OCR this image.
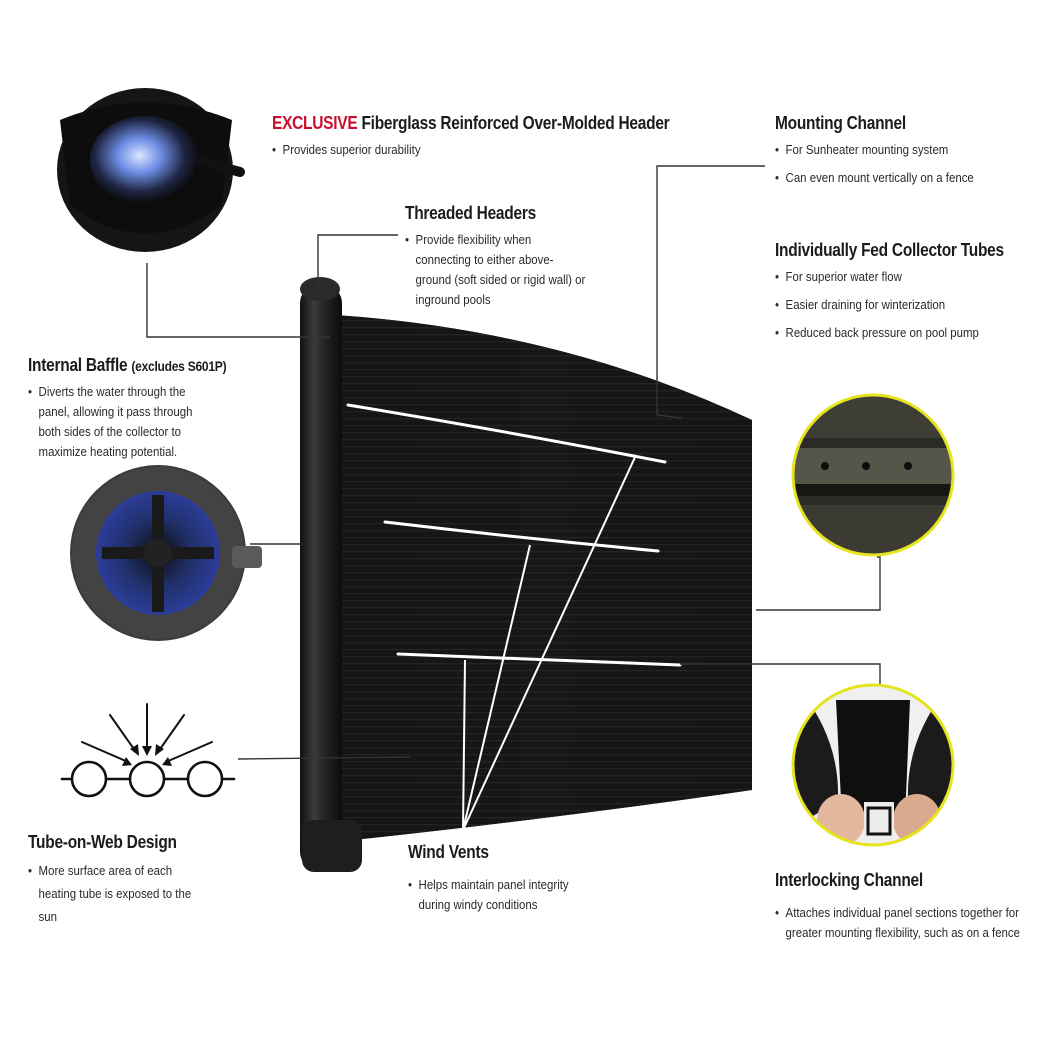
EXCLUSIVE Fiberglass Reinforced Over-Molded Header
• Provides superior durability
Mounting Channel
• For Sunheater mounting system
• Can even mount vertically on a fence
Threaded Headers
• Provide flexibility when connecting to either above-ground (soft sided or rigid wall) or inground pools
Individually Fed Collector Tubes
• For superior water flow
• Easier draining for winterization
• Reduced back pressure on pool pump
Internal Baffle (excludes S601P)
• Diverts the water through the panel, allowing it pass through both sides of the collector to maximize heating potential.
Tube-on-Web Design
• More surface area of each heating tube is exposed to the sun
Wind Vents
• Helps maintain panel integrity during windy conditions
Interlocking Channel
• Attaches individual panel sections together for greater mounting flexibility, such as on a fence
